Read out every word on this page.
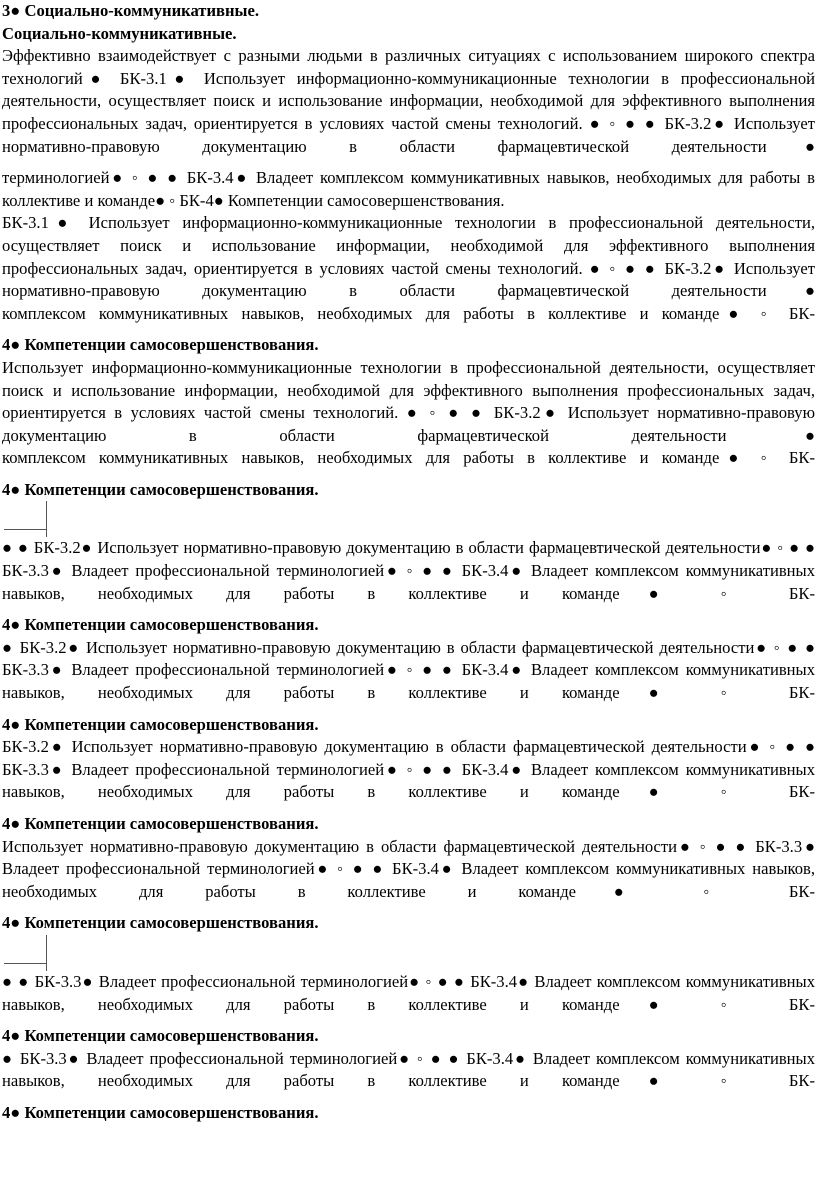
3● Социально-коммуникативные.

Социально-коммуникативные.

Эффективно взаимодействует с разными людьми в различных ситуациях с использованием широкого спектра технологий● БК-3.1● Использует информационно-коммуникационные технологии в профессиональной деятельности, осуществляет поиск и использование информации, необходимой для эффективного выполнения профессиональных задач, ориентируется в условиях частой смены технологий. ● ◦ ● ● БК-3.2● Использует нормативно-правовую документацию в области фармацевтической деятельности●

терминологией● ◦ ● ● БК-3.4● Владеет комплексом коммуникативных навыков, необходимых для работы в коллективе и команде● ◦ БК-4● Компетенции самосовершенствования.

БК-3.1● Использует информационно-коммуникационные технологии в профессиональной деятельности, осуществляет поиск и использование информации, необходимой для эффективного выполнения профессиональных задач, ориентируется в условиях частой смены технологий. ● ◦ ● ● БК-3.2● Использует нормативно-правовую документацию в области фармацевтической деятельности●

комплексом коммуникативных навыков, необходимых для работы в коллективе и команде● ◦ БК-

4● Компетенции самосовершенствования.

Использует информационно-коммуникационные технологии в профессиональной деятельности, осуществляет поиск и использование информации, необходимой для эффективного выполнения профессиональных задач, ориентируется в условиях частой смены технологий. ● ◦ ● ● БК-3.2● Использует нормативно-правовую документацию в области фармацевтической деятельности●

комплексом коммуникативных навыков, необходимых для работы в коллективе и команде● ◦ БК-

4● Компетенции самосовершенствования.

● ● БК-3.2● Использует нормативно-правовую документацию в области фармацевтической деятельности● ◦ ● ● БК-3.3● Владеет профессиональной терминологией● ◦ ● ● БК-3.4● Владеет комплексом коммуникативных навыков, необходимых для работы в коллективе и команде● ◦ БК-

4● Компетенции самосовершенствования.

● БК-3.2● Использует нормативно-правовую документацию в области фармацевтической деятельности● ◦ ● ● БК-3.3● Владеет профессиональной терминологией● ◦ ● ● БК-3.4● Владеет комплексом коммуникативных навыков, необходимых для работы в коллективе и команде● ◦ БК-

4● Компетенции самосовершенствования.

БК-3.2● Использует нормативно-правовую документацию в области фармацевтической деятельности● ◦ ● ● БК-3.3● Владеет профессиональной терминологией● ◦ ● ● БК-3.4● Владеет комплексом коммуникативных навыков, необходимых для работы в коллективе и команде● ◦ БК-

4● Компетенции самосовершенствования.

Использует нормативно-правовую документацию в области фармацевтической деятельности● ◦ ● ● БК-3.3● Владеет профессиональной терминологией● ◦ ● ● БК-3.4● Владеет комплексом коммуникативных навыков, необходимых для работы в коллективе и команде● ◦ БК-

4● Компетенции самосовершенствования.

● ● БК-3.3● Владеет профессиональной терминологией● ◦ ● ● БК-3.4● Владеет комплексом коммуникативных навыков, необходимых для работы в коллективе и команде● ◦ БК-

4● Компетенции самосовершенствования.

● БК-3.3● Владеет профессиональной терминологией● ◦ ● ● БК-3.4● Владеет комплексом коммуникативных навыков, необходимых для работы в коллективе и команде● ◦ БК-

4● Компетенции самосовершенствования.
